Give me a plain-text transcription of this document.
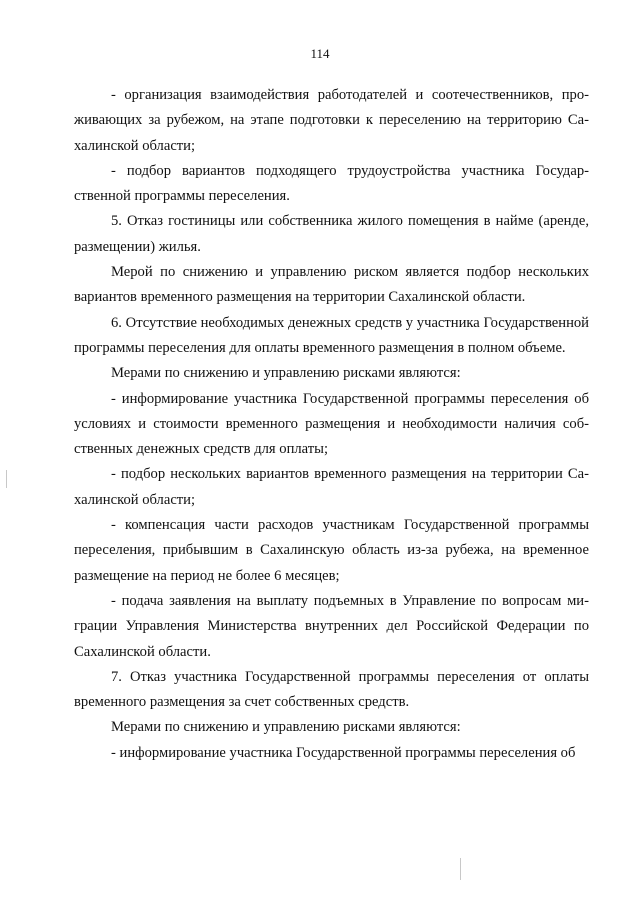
114

- организация взаимодействия работодателей и соотечественников, проживающих за рубежом, на этапе подготовки к переселению на территорию Сахалинской области;

- подбор вариантов подходящего трудоустройства участника Государственной программы переселения.

5. Отказ гостиницы или собственника жилого помещения в найме (аренде, размещении) жилья.

Мерой по снижению и управлению риском является подбор нескольких вариантов временного размещения на территории Сахалинской области.

6. Отсутствие необходимых денежных средств у участника Государственной программы переселения для оплаты временного размещения в полном объеме.

Мерами по снижению и управлению рисками являются:

- информирование участника Государственной программы переселения об условиях и стоимости временного размещения и необходимости наличия собственных денежных средств для оплаты;

- подбор нескольких вариантов временного размещения на территории Сахалинской области;

- компенсация части расходов участникам Государственной программы переселения, прибывшим в Сахалинскую область из-за рубежа, на временное размещение на период не более 6 месяцев;

- подача заявления на выплату подъемных в Управление по вопросам миграции Управления Министерства внутренних дел Российской Федерации по Сахалинской области.

7. Отказ участника Государственной программы переселения от оплаты временного размещения за счет собственных средств.

Мерами по снижению и управлению рисками являются:

- информирование участника Государственной программы переселения об
